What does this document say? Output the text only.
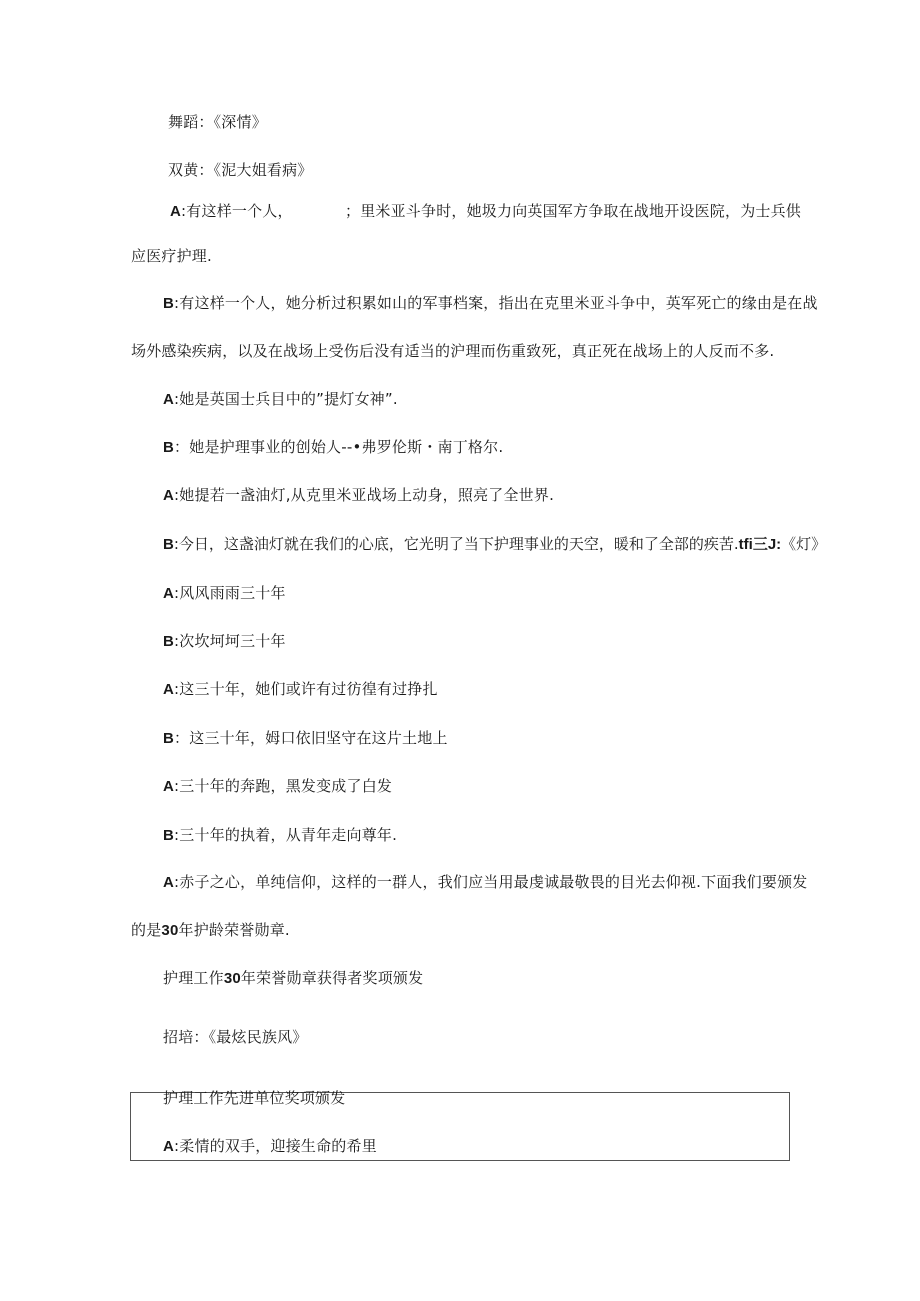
舞蹈：《深情》
双黄：《泥大姐看病》
A:有这样一个人，	；里米亚斗争时，她圾力向英国军方争取在战地开设医院，为士兵供
应医疗护理.
B:有这样一个人，她分析过积累如山的军事档案，指出在克里米亚斗争中，英军死亡的缘由是在战
场外感染疾病，以及在战场上受伤后没有适当的沪理而伤重致死，真正死在战场上的人反而不多.
A:她是英国士兵目中的”提灯女神”.
B：她是护理事业的创始人--•弗罗伦斯・南丁格尔.
A:她提若一盏油灯,从克里米亚战场上动身，照亮了全世界.
B:今日，这盏油灯就在我们的心底，它光明了当下护理事业的天空，暖和了全部的疾苦.tfi三J:《灯》
A:风风雨雨三十年
B:次坎坷坷三十年
A:这三十年，她们或许有过彷徨有过挣扎
B：这三十年，姆口依旧坚守在这片土地上
A:三十年的奔跑，黑发变成了白发
B:三十年的执着，从青年走向尊年.
A:赤子之心，单纯信仰，这样的一群人，我们应当用最虔诚最敬畏的目光去仰视.下面我们要颁发
的是30年护龄荣誉勋章.
护理工作30年荣誉勋章获得者奖项颁发
招培：《最炫民族风》
护理工作先进单位奖项颁发
A:柔情的双手，迎接生命的希里
